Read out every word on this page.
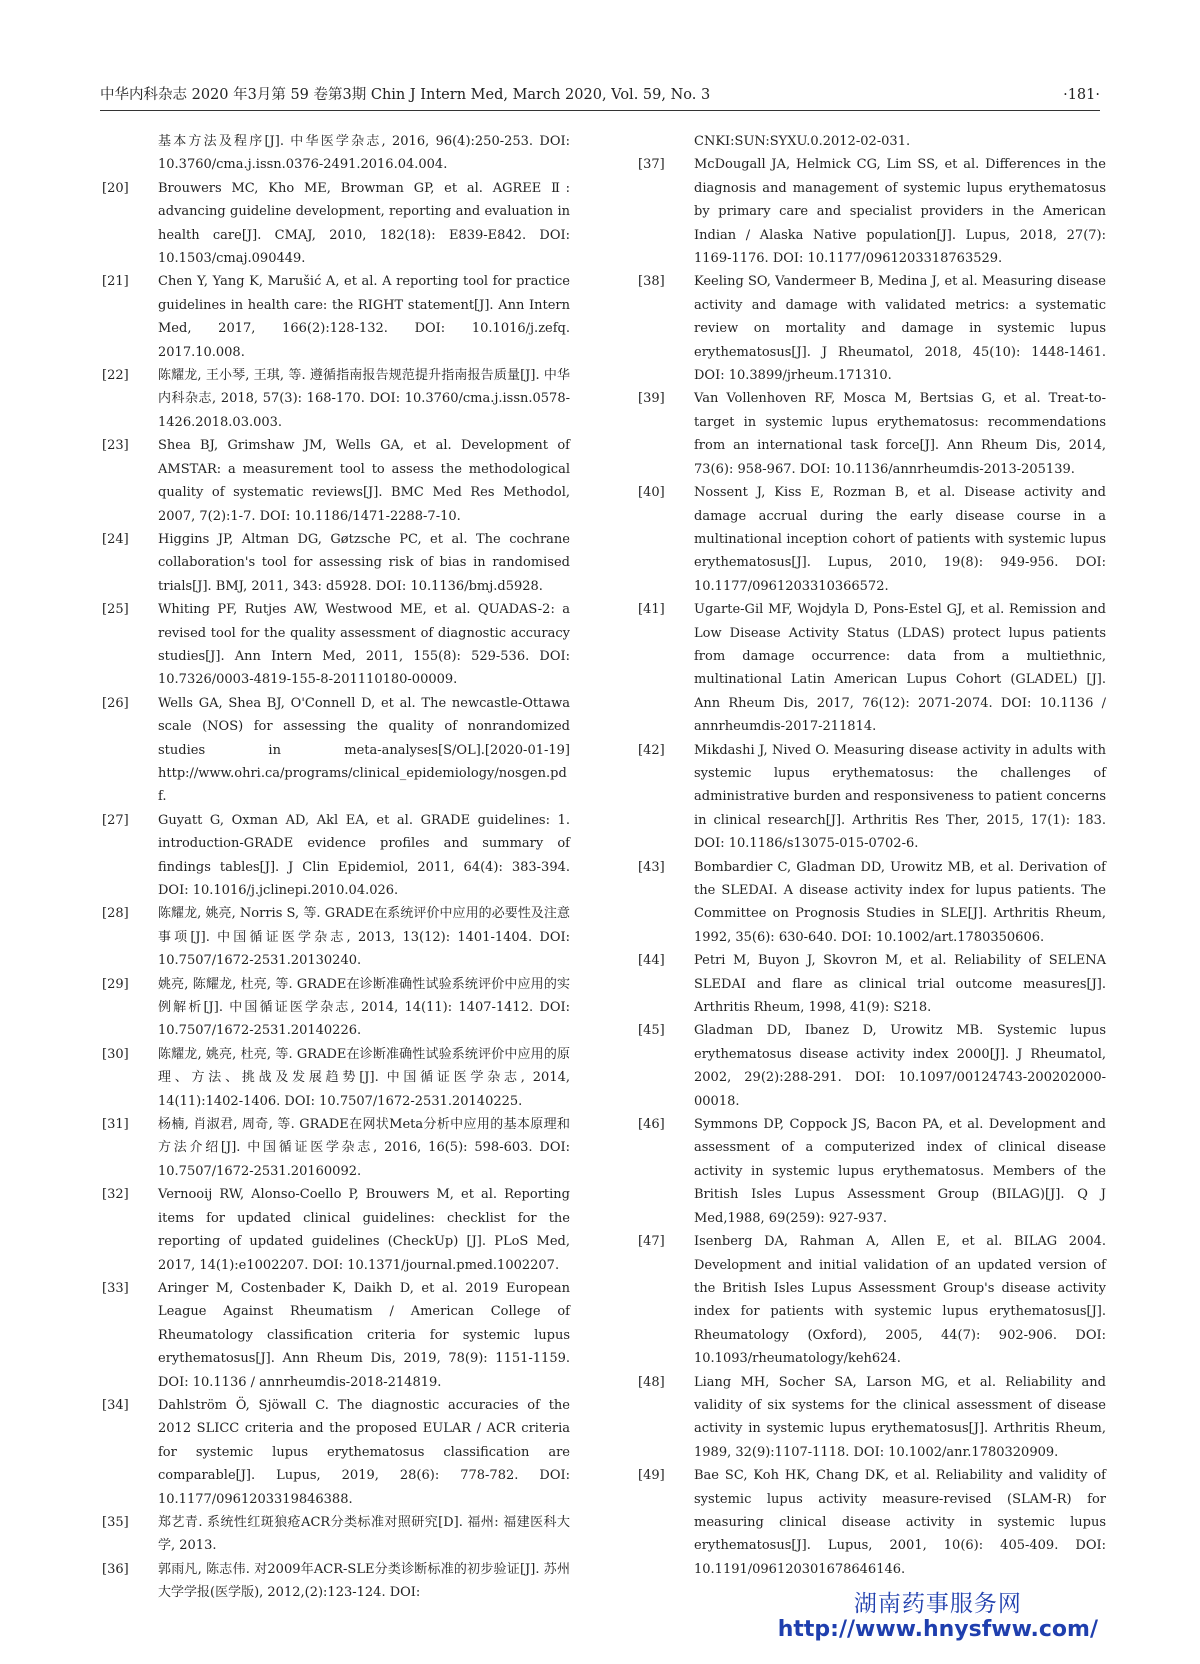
中华内科杂志 2020 年3月第 59 卷第3期 Chin J Intern Med, March 2020, Vol. 59, No. 3	·181·
基本方法及程序[J]. 中华医学杂志, 2016, 96(4):250-253. DOI: 10.3760/cma.j.issn.0376-2491.2016.04.004.
[20] Brouwers MC, Kho ME, Browman GP, et al. AGREE Ⅱ: advancing guideline development, reporting and evaluation in health care[J]. CMAJ, 2010, 182(18): E839-E842. DOI: 10.1503/cmaj.090449.
[21] Chen Y, Yang K, Marušić A, et al. A reporting tool for practice guidelines in health care: the RIGHT statement[J]. Ann Intern Med, 2017, 166(2):128-132. DOI: 10.1016/j.zefq. 2017.10.008.
[22] 陈耀龙, 王小琴, 王琪, 等. 遵循指南报告规范提升指南报告质量[J]. 中华内科杂志, 2018, 57(3): 168-170. DOI: 10.3760/cma.j.issn.0578-1426.2018.03.003.
[23] Shea BJ, Grimshaw JM, Wells GA, et al. Development of AMSTAR: a measurement tool to assess the methodological quality of systematic reviews[J]. BMC Med Res Methodol, 2007, 7(2):1-7. DOI: 10.1186/1471-2288-7-10.
[24] Higgins JP, Altman DG, Gøtzsche PC, et al. The cochrane collaboration's tool for assessing risk of bias in randomised trials[J]. BMJ, 2011, 343: d5928. DOI: 10.1136/bmj.d5928.
[25] Whiting PF, Rutjes AW, Westwood ME, et al. QUADAS-2: a revised tool for the quality assessment of diagnostic accuracy studies[J]. Ann Intern Med, 2011, 155(8): 529-536. DOI: 10.7326/0003-4819-155-8-201110180-00009.
[26] Wells GA, Shea BJ, O'Connell D, et al. The newcastle-Ottawa scale (NOS) for assessing the quality of nonrandomized studies in meta-analyses[S/OL].[2020-01-19] http://www.ohri.ca/programs/clinical_epidemiology/nosgen.pdf.
[27] Guyatt G, Oxman AD, Akl EA, et al. GRADE guidelines: 1. introduction-GRADE evidence profiles and summary of findings tables[J]. J Clin Epidemiol, 2011, 64(4): 383-394. DOI: 10.1016/j.jclinepi.2010.04.026.
[28] 陈耀龙, 姚亮, Norris S, 等. GRADE在系统评价中应用的必要性及注意事项[J]. 中国循证医学杂志, 2013, 13(12): 1401-1404. DOI: 10.7507/1672-2531.20130240.
[29] 姚亮, 陈耀龙, 杜亮, 等. GRADE在诊断准确性试验系统评价中应用的实例解析[J]. 中国循证医学杂志, 2014, 14(11): 1407-1412. DOI: 10.7507/1672-2531.20140226.
[30] 陈耀龙, 姚亮, 杜亮, 等. GRADE在诊断准确性试验系统评价中应用的原理、方法、挑战及发展趋势[J]. 中国循证医学杂志, 2014, 14(11):1402-1406. DOI: 10.7507/1672-2531.20140225.
[31] 杨楠, 肖淑君, 周奇, 等. GRADE在网状Meta分析中应用的基本原理和方法介绍[J]. 中国循证医学杂志, 2016, 16(5): 598-603. DOI: 10.7507/1672-2531.20160092.
[32] Vernooij RW, Alonso-Coello P, Brouwers M, et al. Reporting items for updated clinical guidelines: checklist for the reporting of updated guidelines (CheckUp) [J]. PLoS Med, 2017, 14(1):e1002207. DOI: 10.1371/journal.pmed.1002207.
[33] Aringer M, Costenbader K, Daikh D, et al. 2019 European League Against Rheumatism / American College of Rheumatology classification criteria for systemic lupus erythematosus[J]. Ann Rheum Dis, 2019, 78(9): 1151-1159. DOI: 10.1136 / annrheumdis-2018-214819.
[34] Dahlström Ö, Sjöwall C. The diagnostic accuracies of the 2012 SLICC criteria and the proposed EULAR / ACR criteria for systemic lupus erythematosus classification are comparable[J]. Lupus, 2019, 28(6): 778-782. DOI: 10.1177/0961203319846388.
[35] 郑艺青. 系统性红斑狼疮ACR分类标准对照研究[D]. 福州: 福建医科大学, 2013.
[36] 郭雨凡, 陈志伟. 对2009年ACR-SLE分类诊断标准的初步验证[J]. 苏州大学学报(医学版), 2012,(2):123-124. DOI:
CNKI:SUN:SYXU.0.2012-02-031.
[37] McDougall JA, Helmick CG, Lim SS, et al. Differences in the diagnosis and management of systemic lupus erythematosus by primary care and specialist providers in the American Indian / Alaska Native population[J]. Lupus, 2018, 27(7): 1169-1176. DOI: 10.1177/0961203318763529.
[38] Keeling SO, Vandermeer B, Medina J, et al. Measuring disease activity and damage with validated metrics: a systematic review on mortality and damage in systemic lupus erythematosus[J]. J Rheumatol, 2018, 45(10): 1448-1461. DOI: 10.3899/jrheum.171310.
[39] Van Vollenhoven RF, Mosca M, Bertsias G, et al. Treat-to-target in systemic lupus erythematosus: recommendations from an international task force[J]. Ann Rheum Dis, 2014, 73(6): 958-967. DOI: 10.1136/annrheumdis-2013-205139.
[40] Nossent J, Kiss E, Rozman B, et al. Disease activity and damage accrual during the early disease course in a multinational inception cohort of patients with systemic lupus erythematosus[J]. Lupus, 2010, 19(8): 949-956. DOI: 10.1177/0961203310366572.
[41] Ugarte-Gil MF, Wojdyla D, Pons-Estel GJ, et al. Remission and Low Disease Activity Status (LDAS) protect lupus patients from damage occurrence: data from a multiethnic, multinational Latin American Lupus Cohort (GLADEL) [J]. Ann Rheum Dis, 2017, 76(12): 2071-2074. DOI: 10.1136 / annrheumdis-2017-211814.
[42] Mikdashi J, Nived O. Measuring disease activity in adults with systemic lupus erythematosus: the challenges of administrative burden and responsiveness to patient concerns in clinical research[J]. Arthritis Res Ther, 2015, 17(1): 183. DOI: 10.1186/s13075-015-0702-6.
[43] Bombardier C, Gladman DD, Urowitz MB, et al. Derivation of the SLEDAI. A disease activity index for lupus patients. The Committee on Prognosis Studies in SLE[J]. Arthritis Rheum, 1992, 35(6): 630-640. DOI: 10.1002/art.1780350606.
[44] Petri M, Buyon J, Skovron M, et al. Reliability of SELENA SLEDAI and flare as clinical trial outcome measures[J]. Arthritis Rheum, 1998, 41(9): S218.
[45] Gladman DD, Ibanez D, Urowitz MB. Systemic lupus erythematosus disease activity index 2000[J]. J Rheumatol, 2002, 29(2):288-291. DOI: 10.1097/00124743-200202000-00018.
[46] Symmons DP, Coppock JS, Bacon PA, et al. Development and assessment of a computerized index of clinical disease activity in systemic lupus erythematosus. Members of the British Isles Lupus Assessment Group (BILAG)[J]. Q J Med,1988, 69(259): 927-937.
[47] Isenberg DA, Rahman A, Allen E, et al. BILAG 2004. Development and initial validation of an updated version of the British Isles Lupus Assessment Group's disease activity index for patients with systemic lupus erythematosus[J]. Rheumatology (Oxford), 2005, 44(7): 902-906. DOI: 10.1093/rheumatology/keh624.
[48] Liang MH, Socher SA, Larson MG, et al. Reliability and validity of six systems for the clinical assessment of disease activity in systemic lupus erythematosus[J]. Arthritis Rheum, 1989, 32(9):1107-1118. DOI: 10.1002/anr.1780320909.
[49] Bae SC, Koh HK, Chang DK, et al. Reliability and validity of systemic lupus activity measure-revised (SLAM-R) for measuring clinical disease activity in systemic lupus erythematosus[J]. Lupus, 2001, 10(6): 405-409. DOI: 10.1191/096120301678646146.
湖南药事服务网
http://www.hnysfww.com/
